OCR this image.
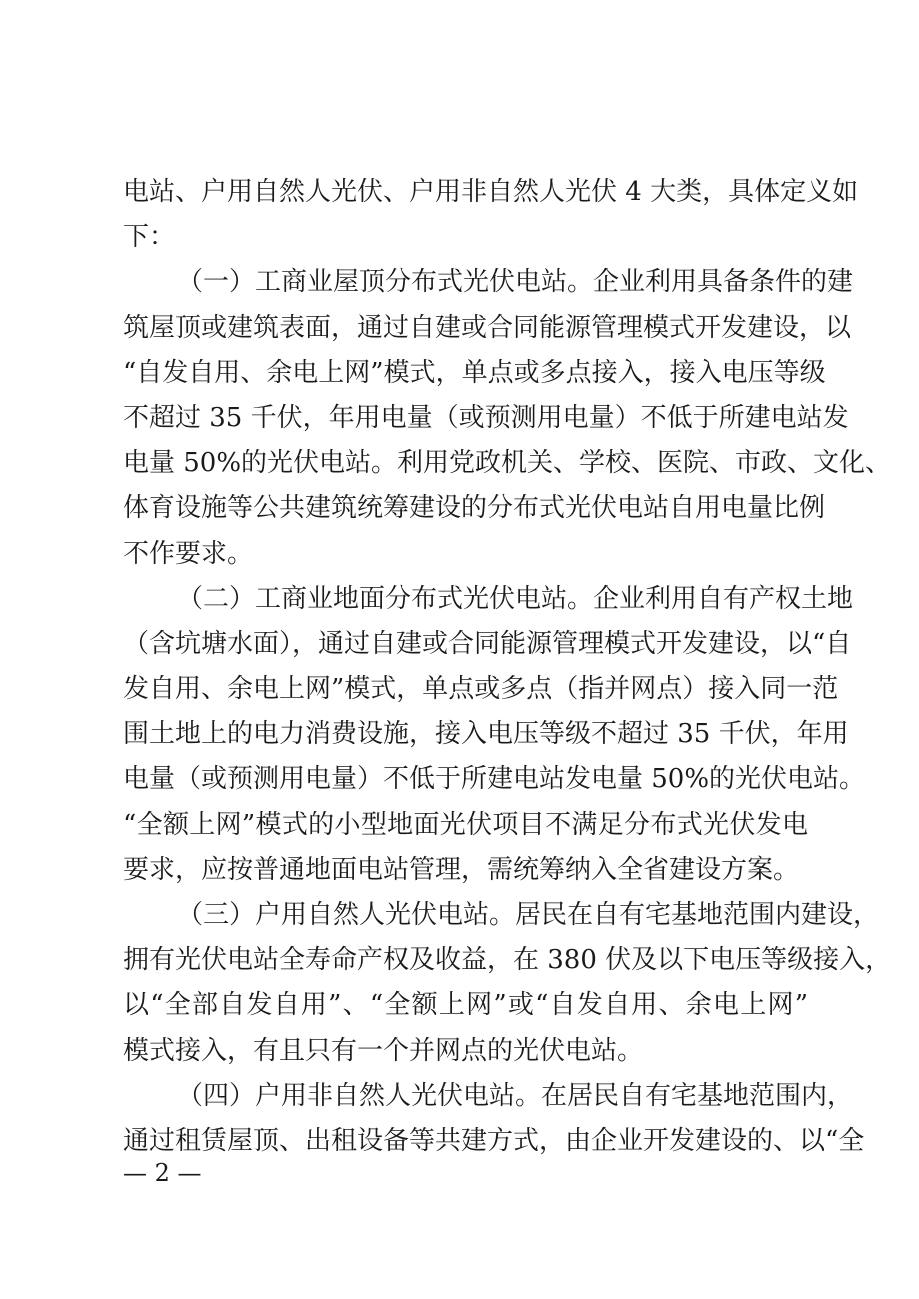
电站、户用自然人光伏、户用非自然人光伏 4 大类，具体定义如
下：
（一）工商业屋顶分布式光伏电站。企业利用具备条件的建
筑屋顶或建筑表面，通过自建或合同能源管理模式开发建设，以
“自发自用、余电上网”模式，单点或多点接入，接入电压等级
不超过 35 千伏，年用电量（或预测用电量）不低于所建电站发
电量 50%的光伏电站。利用党政机关、学校、医院、市政、文化、
体育设施等公共建筑统筹建设的分布式光伏电站自用电量比例
不作要求。
（二）工商业地面分布式光伏电站。企业利用自有产权土地
（含坑塘水面），通过自建或合同能源管理模式开发建设，以“自
发自用、余电上网”模式，单点或多点（指并网点）接入同一范
围土地上的电力消费设施，接入电压等级不超过 35 千伏，年用
电量（或预测用电量）不低于所建电站发电量 50%的光伏电站。
“全额上网”模式的小型地面光伏项目不满足分布式光伏发电
要求，应按普通地面电站管理，需统筹纳入全省建设方案。
（三）户用自然人光伏电站。居民在自有宅基地范围内建设，
拥有光伏电站全寿命产权及收益，在 380 伏及以下电压等级接入，
以“全部自发自用”、“全额上网”或“自发自用、余电上网”
模式接入，有且只有一个并网点的光伏电站。
（四）户用非自然人光伏电站。在居民自有宅基地范围内，
通过租赁屋顶、出租设备等共建方式，由企业开发建设的、以“全
— 2 —
